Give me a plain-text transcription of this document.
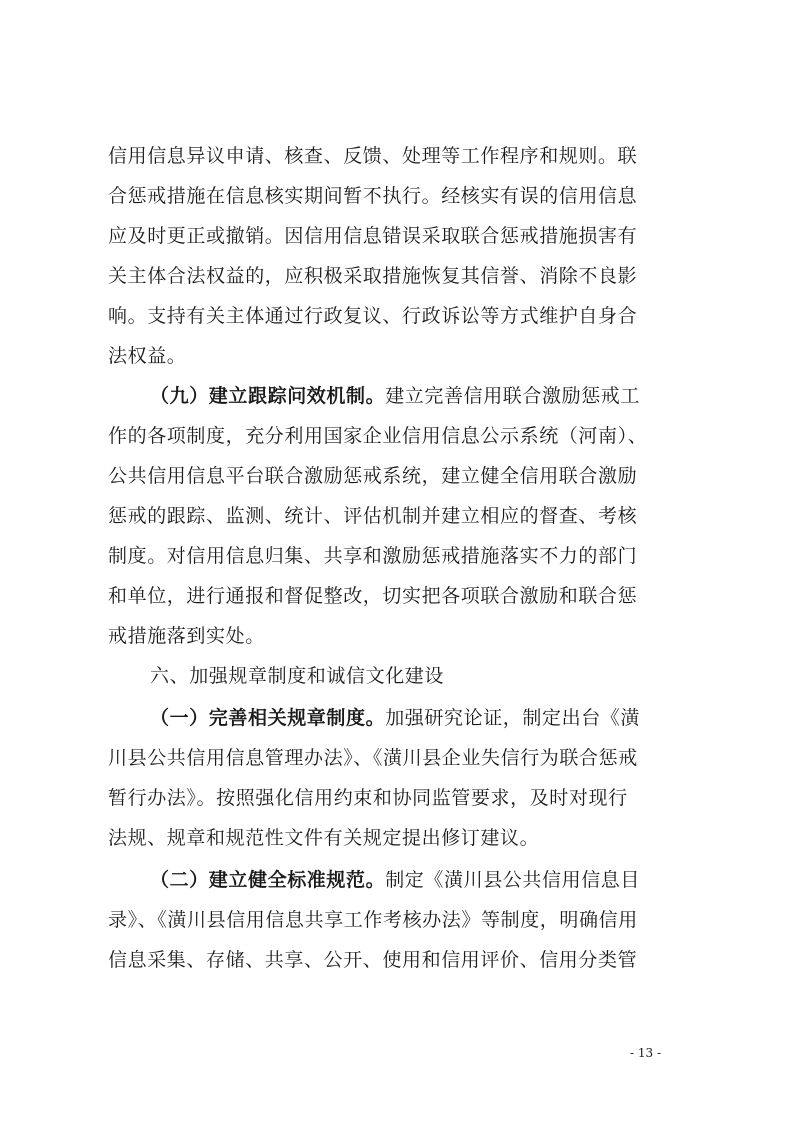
信用信息异议申请、核查、反馈、处理等工作程序和规则。联
合惩戒措施在信息核实期间暂不执行。经核实有误的信用信息
应及时更正或撤销。因信用信息错误采取联合惩戒措施损害有
关主体合法权益的，应积极采取措施恢复其信誉、消除不良影
响。支持有关主体通过行政复议、行政诉讼等方式维护自身合
法权益。
（九）建立跟踪问效机制。建立完善信用联合激励惩戒工
作的各项制度，充分利用国家企业信用信息公示系统（河南）、
公共信用信息平台联合激励惩戒系统，建立健全信用联合激励
惩戒的跟踪、监测、统计、评估机制并建立相应的督查、考核
制度。对信用信息归集、共享和激励惩戒措施落实不力的部门
和单位，进行通报和督促整改，切实把各项联合激励和联合惩
戒措施落到实处。
六、加强规章制度和诚信文化建设
（一）完善相关规章制度。加强研究论证，制定出台《潢
川县公共信用信息管理办法》、《潢川县企业失信行为联合惩戒
暂行办法》。按照强化信用约束和协同监管要求，及时对现行
法规、规章和规范性文件有关规定提出修订建议。
（二）建立健全标准规范。制定《潢川县公共信用信息目
录》、《潢川县信用信息共享工作考核办法》等制度，明确信用
信息采集、存储、共享、公开、使用和信用评价、信用分类管
- 13 -
